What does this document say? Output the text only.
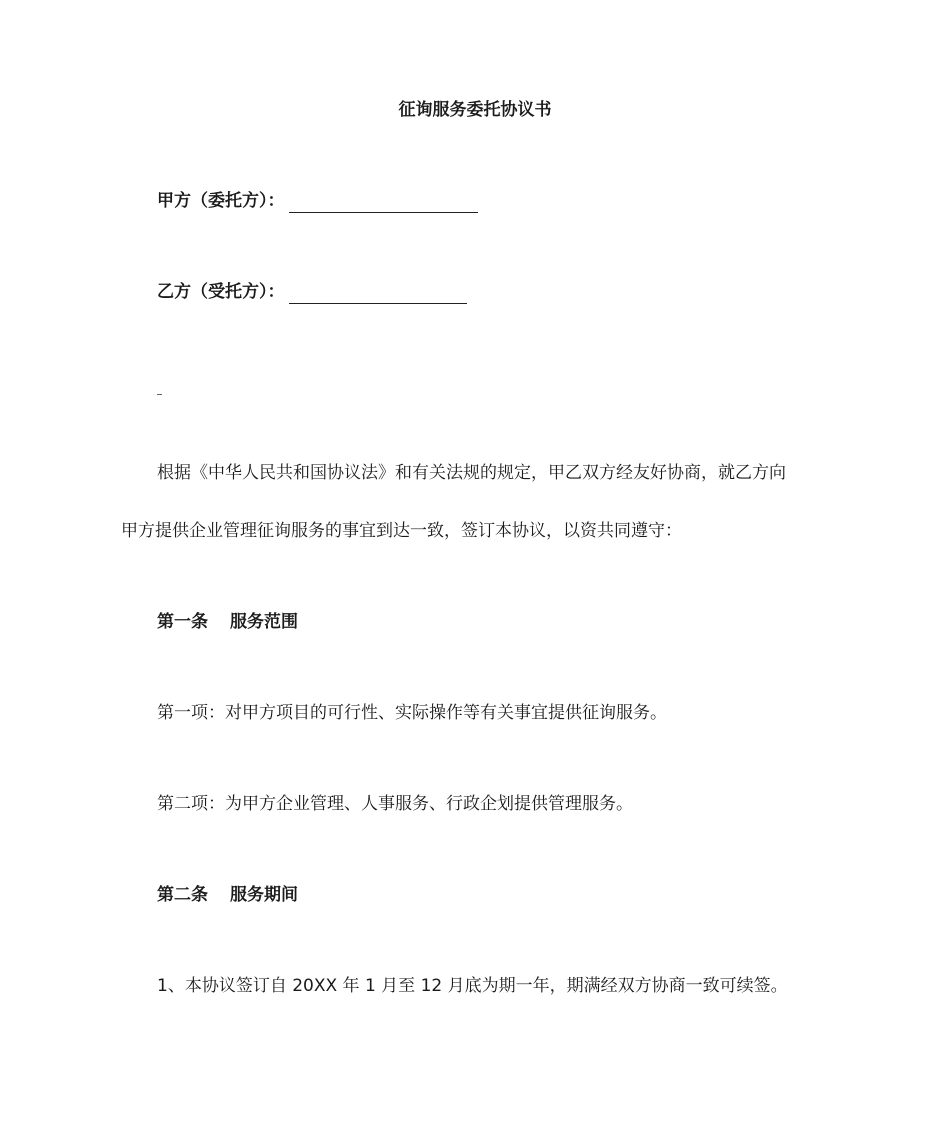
征询服务委托协议书
甲方（委托方）：
乙方（受托方）：
根据《中华人民共和国协议法》和有关法规的规定，甲乙双方经友好协商，就乙方向
甲方提供企业管理征询服务的事宜到达一致，签订本协议，以资共同遵守：
第一条 服务范围
第一项：对甲方项目的可行性、实际操作等有关事宜提供征询服务。
第二项：为甲方企业管理、人事服务、行政企划提供管理服务。
第二条 服务期间
1、本协议签订自 20XX 年 1 月至 12 月底为期一年，期满经双方协商一致可续签。
